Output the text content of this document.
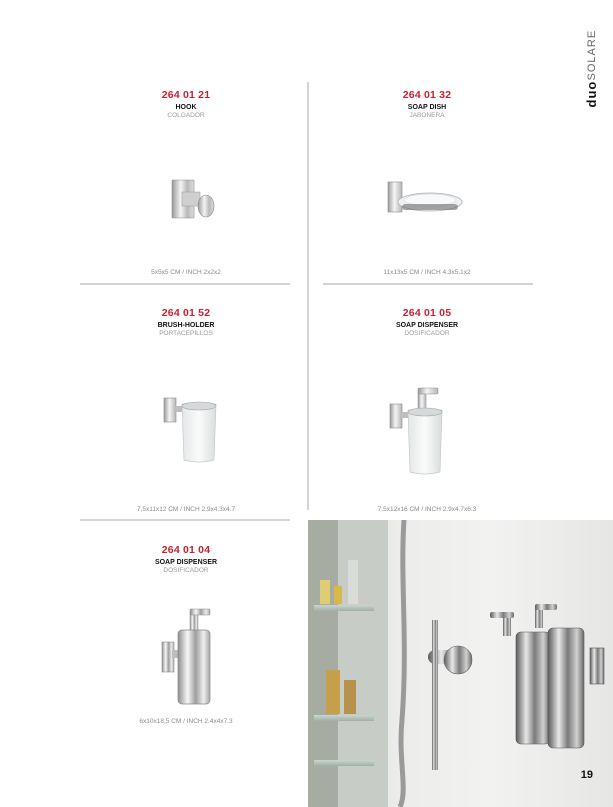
duoSOLARE
264 01 21
HOOK
COLGADOR
5x5x5 CM / INCH 2x2x2
264 01 32
SOAP DISH
JABONERA
11x13x5 CM / INCH 4.3x5.1x2
264 01 52
BRUSH-HOLDER
PORTACEPILLOS
7,5x11x12 CM / INCH 2.9x4.3x4.7
264 01 05
SOAP DISPENSER
DOSIFICADOR
7,5x12x16 CM / INCH 2.9x4.7x6.3
264 01 04
SOAP DISPENSER
DOSIFICADOR
6x10x18,5 CM / INCH 2.4x4x7.3
19
